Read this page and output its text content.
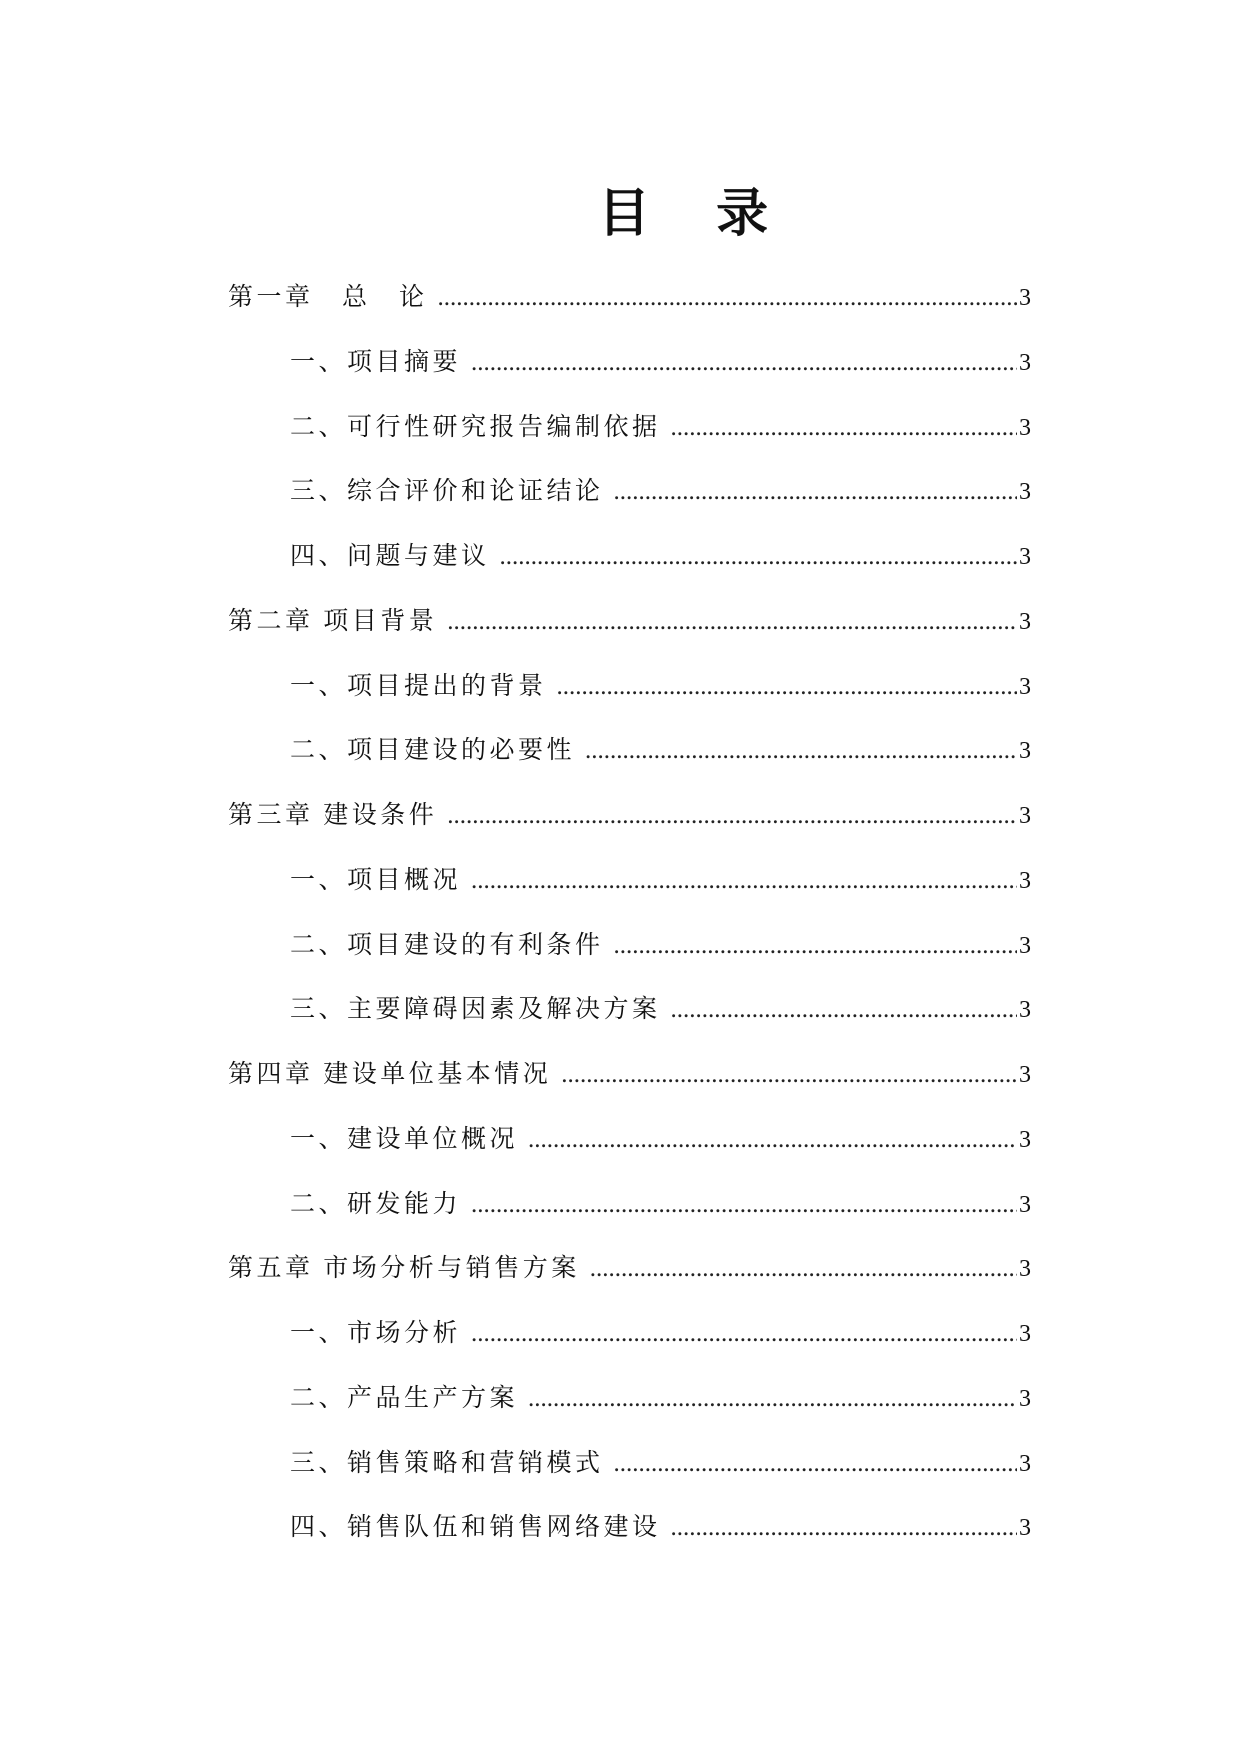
目 录
第一章　总　论 .....	3
一、项目摘要 .....	3
二、可行性研究报告编制依据 .....	3
三、综合评价和论证结论 .....	3
四、问题与建议 .....	3
第二章 项目背景 .....	3
一、项目提出的背景 .....	3
二、项目建设的必要性 .....	3
第三章 建设条件 .....	3
一、项目概况 .....	3
二、项目建设的有利条件 .....	3
三、主要障碍因素及解决方案 .....	3
第四章 建设单位基本情况 .....	3
一、建设单位概况 .....	3
二、研发能力 .....	3
第五章 市场分析与销售方案 .....	3
一、市场分析 .....	3
二、产品生产方案 .....	3
三、销售策略和营销模式 .....	3
四、销售队伍和销售网络建设 .....	3
